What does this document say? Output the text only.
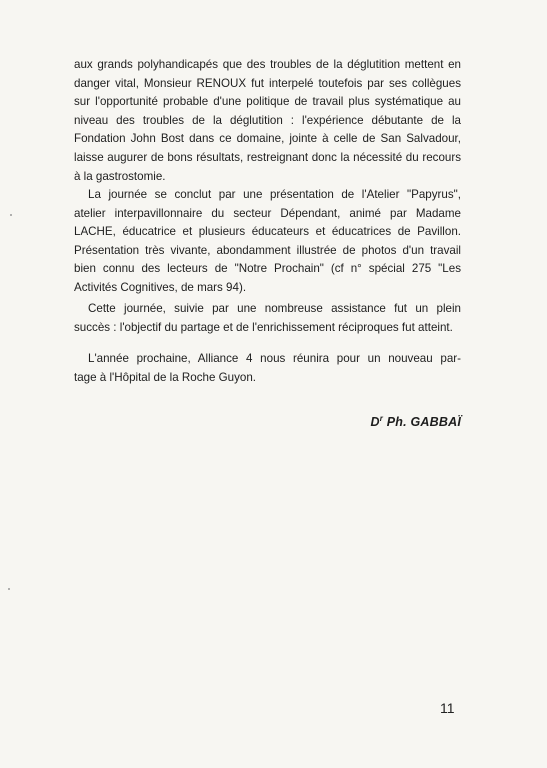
aux grands polyhandicapés que des troubles de la déglutition mettent en
danger vital, Monsieur RENOUX fut interpelé toutefois par ses collègues
sur l'opportunité probable d'une politique de travail plus systématique au
niveau des troubles de la déglutition : l'expérience débutante de la
Fondation John Bost dans ce domaine, jointe à celle de San Salvadour,
laisse augurer de bons résultats, restreignant donc la nécessité du recours
à la gastrostomie.
La journée se conclut par une présentation de l'Atelier "Papyrus",
atelier interpavillonnaire du secteur Dépendant, animé par Madame
LACHE, éducatrice et plusieurs éducateurs et éducatrices de Pavillon.
Présentation très vivante, abondamment illustrée de photos d'un travail
bien connu des lecteurs de "Notre Prochain" (cf n° spécial 275 "Les
Activités Cognitives, de mars 94).
Cette journée, suivie par une nombreuse assistance fut un plein
succès : l'objectif du partage et de l'enrichissement réciproques fut atteint.
L'année prochaine, Alliance 4 nous réunira pour un nouveau par-
tage à l'Hôpital de la Roche Guyon.
$D^r$ Ph. GABBAÏ
11
